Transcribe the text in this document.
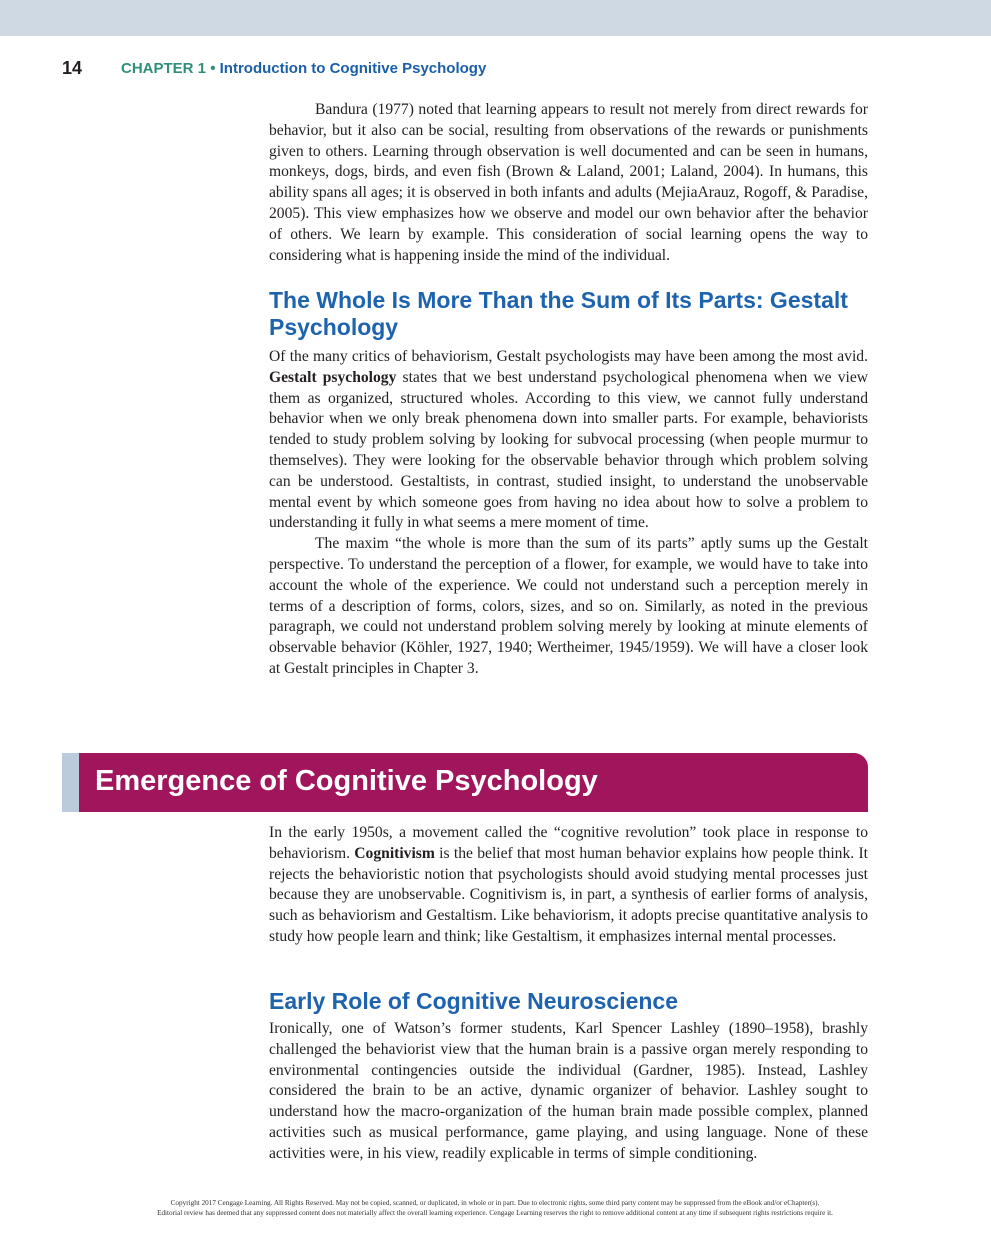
14	CHAPTER 1 • Introduction to Cognitive Psychology

Bandura (1977) noted that learning appears to result not merely from direct rewards for behavior, but it also can be social, resulting from observations of the rewards or punishments given to others. Learning through observation is well documented and can be seen in humans, monkeys, dogs, birds, and even fish (Brown & Laland, 2001; Laland, 2004). In humans, this ability spans all ages; it is observed in both infants and adults (MejiaArauz, Rogoff, & Paradise, 2005). This view emphasizes how we observe and model our own behavior after the behavior of others. We learn by example. This consideration of social learning opens the way to considering what is happening inside the mind of the individual.

The Whole Is More Than the Sum of Its Parts: Gestalt Psychology

Of the many critics of behaviorism, Gestalt psychologists may have been among the most avid. Gestalt psychology states that we best understand psychological phenomena when we view them as organized, structured wholes. According to this view, we cannot fully understand behavior when we only break phenomena down into smaller parts. For example, behaviorists tended to study problem solving by looking for subvocal processing (when people murmur to themselves). They were looking for the observable behavior through which problem solving can be understood. Gestaltists, in contrast, studied insight, to understand the unobservable mental event by which someone goes from having no idea about how to solve a problem to understanding it fully in what seems a mere moment of time.

The maxim “the whole is more than the sum of its parts” aptly sums up the Gestalt perspective. To understand the perception of a flower, for example, we would have to take into account the whole of the experience. We could not understand such a perception merely in terms of a description of forms, colors, sizes, and so on. Similarly, as noted in the previous paragraph, we could not understand problem solving merely by looking at minute elements of observable behavior (Köhler, 1927, 1940; Wertheimer, 1945/1959). We will have a closer look at Gestalt principles in Chapter 3.

Emergence of Cognitive Psychology

In the early 1950s, a movement called the “cognitive revolution” took place in response to behaviorism. Cognitivism is the belief that most human behavior explains how people think. It rejects the behavioristic notion that psychologists should avoid studying mental processes just because they are unobservable. Cognitivism is, in part, a synthesis of earlier forms of analysis, such as behaviorism and Gestaltism. Like behaviorism, it adopts precise quantitative analysis to study how people learn and think; like Gestaltism, it emphasizes internal mental processes.

Early Role of Cognitive Neuroscience

Ironically, one of Watson’s former students, Karl Spencer Lashley (1890–1958), brashly challenged the behaviorist view that the human brain is a passive organ merely responding to environmental contingencies outside the individual (Gardner, 1985). Instead, Lashley considered the brain to be an active, dynamic organizer of behavior. Lashley sought to understand how the macro-organization of the human brain made possible complex, planned activities such as musical performance, game playing, and using language. None of these activities were, in his view, readily explicable in terms of simple conditioning.

Copyright 2017 Cengage Learning. All Rights Reserved. May not be copied, scanned, or duplicated, in whole or in part. Due to electronic rights, some third party content may be suppressed from the eBook and/or eChapter(s).
Editorial review has deemed that any suppressed content does not materially affect the overall learning experience. Cengage Learning reserves the right to remove additional content at any time if subsequent rights restrictions require it.
